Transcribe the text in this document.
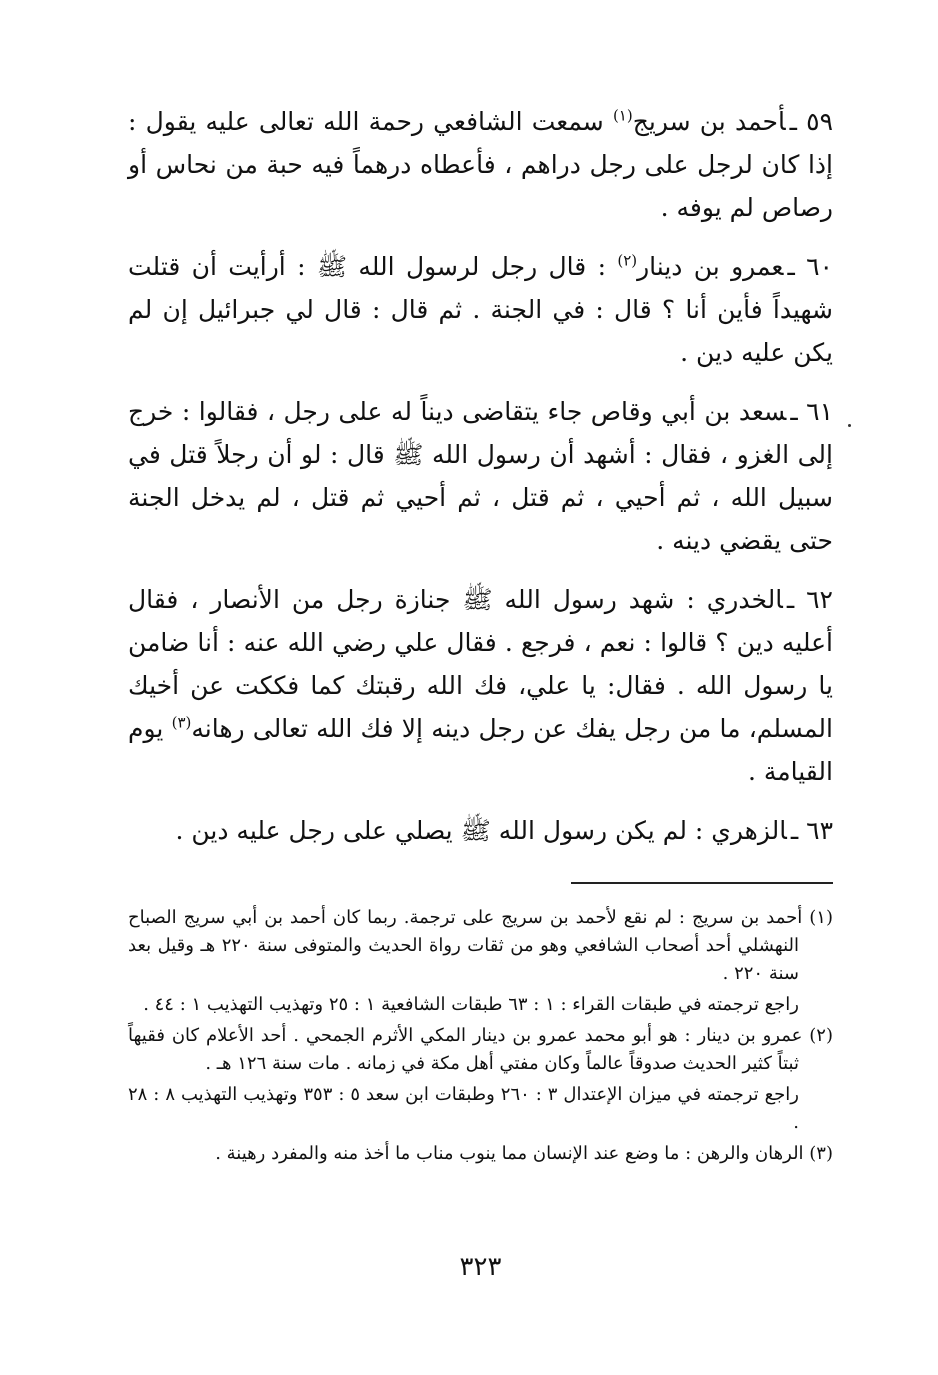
٥٩ ـأحمد بن سريج$^{(١)}$ سمعت الشافعي رحمة الله تعالى عليه يقول : إذا كان لرجل على رجل دراهم ، فأعطاه درهماً فيه حبة من نحاس أو رصاص لم يوفه .

٦٠ ـعمرو بن دينار$^{(٢)}$ : قال رجل لرسول الله ﷺ : أرأيت أن قتلت شهيداً فأين أنا ؟ قال : في الجنة . ثم قال : قال لي جبرائيل إن لم يكن عليه دين .

٦١ ـسعد بن أبي وقاص جاء يتقاضى ديناً له على رجل ، فقالوا : خرج إلى الغزو ، فقال : أشهد أن رسول الله ﷺ قال : لو أن رجلاً قتل في سبيل الله ، ثم أحيي ، ثم قتل ، ثم أحيي ثم قتل ، لم يدخل الجنة حتى يقضي دينه .

٦٢ ـالخدري : شهد رسول الله ﷺ جنازة رجل من الأنصار ، فقال أعليه دين ؟ قالوا : نعم ، فرجع . فقال علي رضي الله عنه : أنا ضامن يا رسول الله . فقال: يا علي، فك الله رقبتك كما فككت عن أخيك المسلم، ما من رجل يفك عن رجل دينه إلا فك الله تعالى رهانه$^{(٣)}$ يوم القيامة .

٦٣ ـالزهري : لم يكن رسول الله ﷺ يصلي على رجل عليه دين .

(١) أحمد بن سريج : لم نقع لأحمد بن سريج على ترجمة. ربما كان أحمد بن أبي سريج الصباح النهشلي أحد أصحاب الشافعي وهو من ثقات رواة الحديث والمتوفى سنة ٢٢٠ هـ وقيل بعد سنة ٢٢٠ .

راجع ترجمته في طبقات القراء : ١ : ٦٣ طبقات الشافعية ١ : ٢٥ وتهذيب التهذيب ١ : ٤٤ .

(٢) عمرو بن دينار : هو أبو محمد عمرو بن دينار المكي الأثرم الجمحي . أحد الأعلام كان فقيهاً ثبتاً كثير الحديث صدوقاً عالماً وكان مفتي أهل مكة في زمانه . مات سنة ١٢٦ هـ .

راجع ترجمته في ميزان الإعتدال ٣ : ٢٦٠ وطبقات ابن سعد ٥ : ٣٥٣ وتهذيب التهذيب ٨ : ٢٨ .

(٣) الرهان والرهن : ما وضع عند الإنسان مما ينوب مناب ما أخذ منه والمفرد رهينة .

٣٢٣
